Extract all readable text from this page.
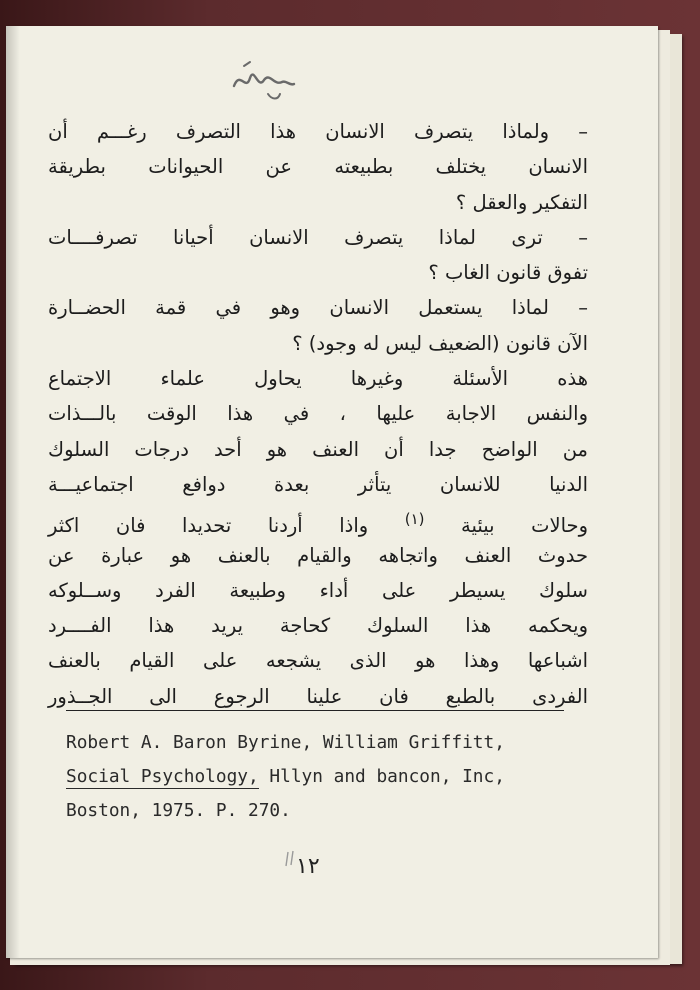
– ولماذا يتصرف الانسان هذا التصرف رغـــم أن
الانسان يختلف بطبيعته عن الحيوانات بطريقة
التفكير والعقل ؟
– ترى لماذا يتصرف الانسان أحيانا تصرفــــات
تفوق قانون الغاب ؟
– لماذا يستعمل الانسان وهو في قمة الحضــارة
الآن قانون (الضعيف ليس له وجود) ؟
هذه الأسئلة وغيرها يحاول علماء الاجتماع
والنفس الاجابة عليها ، في هذا الوقت بالـــذات
من الواضح جدا أن العنف هو أحد درجات السلوك
الدنيا للانسان يتأثر بعدة دوافع اجتماعيـــة
وحالات بيئية $^{(١)}$ واذا أردنا تحديدا فان اكثر
حدوث العنف واتجاهه والقيام بالعنف هو عبارة عن
سلوك يسيطر على أداء وطبيعة الفرد وســلوكه
ويحكمه هذا السلوك كحاجة يريد هذا الفــــرد
اشباعها وهذا هو الذى يشجعه على القيام بالعنف
الفردى بالطبع فان علينا الرجوع الى الجــذور
Robert A. Baron Byrine, William Griffitt,
Social Psychology, Hllyn and bancon, Inc,
Boston, 1975. P. 270.
١٢
